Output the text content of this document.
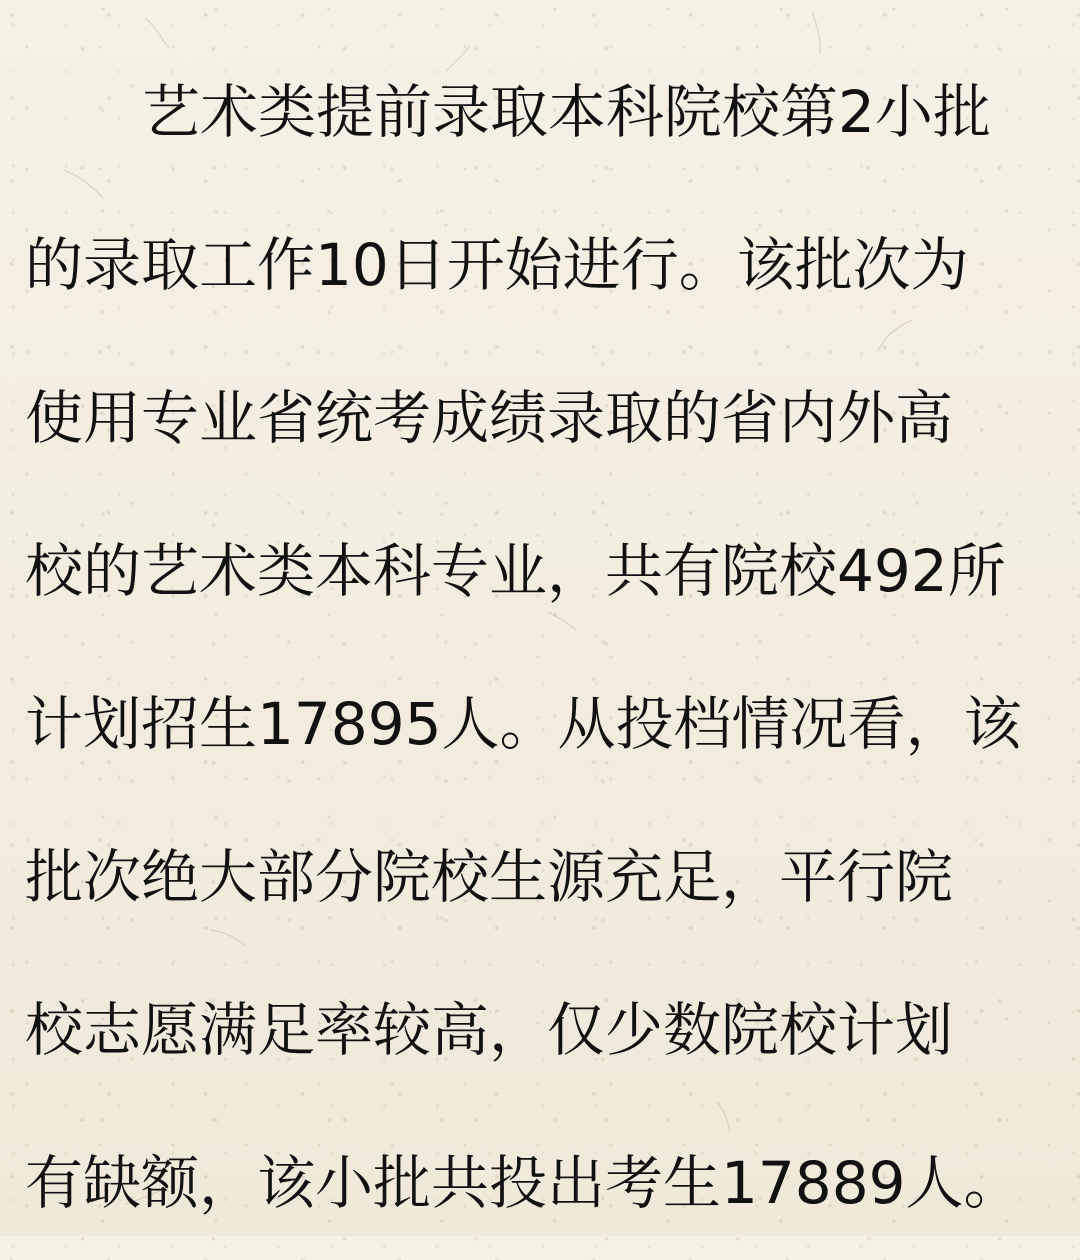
艺术类提前录取本科院校第2小批
的录取工作10日开始进行。该批次为
使用专业省统考成绩录取的省内外高
校的艺术类本科专业，共有院校492所
计划招生17895人。从投档情况看，该
批次绝大部分院校生源充足，平行院
校志愿满足率较高，仅少数院校计划
有缺额，该小批共投出考生17889人。
